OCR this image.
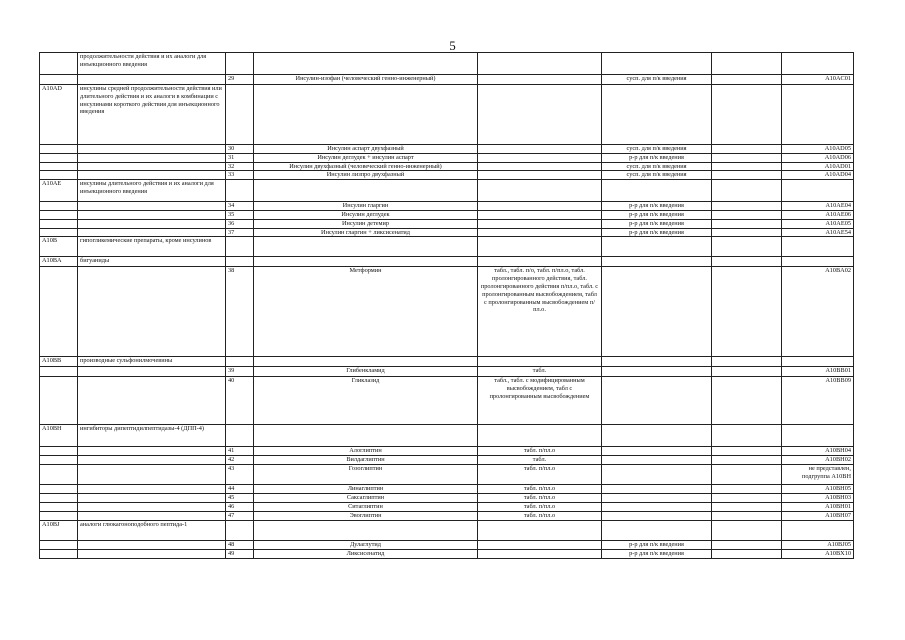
5
	продолжительности действия и их аналоги для инъекционного введения						
		29	Инсулин-изофан (человеческий генно-инженерный)		сусп. для п/к введения		A10AC01
A10AD	инсулины средней продолжительности действия или длительного действия и их аналоги в комбинации с инсулинами короткого действия для инъекционного введения						
		30	Инсулин аспарт двухфазный		сусп. для п/к введения		A10AD05
		31	Инсулин деглудек + инсулин аспарт		р-р для п/к введения		A10AD06
		32	Инсулин двухфазный (человеческий генно-инженерный)		сусп. для п/к введения		A10AD01
		33	Инсулин лизпро двухфазный		сусп. для п/к введения		A10AD04
A10AE	инсулины длительного действия и их аналоги для инъекционного введения						
		34	Инсулин гларгин		р-р для п/к введения		A10AE04
		35	Инсулин деглудек		р-р для п/к введения		A10AE06
		36	Инсулин детемир		р-р для п/к введения		A10AE05
		37	Инсулин гларгин + ликсисенатид		р-р для п/к введения		A10AE54
A10B	гипогликемические препараты, кроме инсулинов						
A10BA	бигуаниды						
		38	Метформин	табл., табл. п/о, табл. п/пл.о, табл. пролонгированного действия, табл. пролонгированного действия п/пл.о, табл. с пролонгированным высвобождением, табл с пролонгированным высвобождением п/пл.о.			A10BA02
A10BB	производные сульфонилмочевины						
		39	Глибенкламид	табл.			A10BB01
		40	Гликлазид	табл., табл. с модифицированным высвобождением, табл с пролонгированным высвобождением			A10BB09
A10BH	ингибиторы дипептидилпептидазы-4 (ДПП-4)						
		41	Алоглиптин	табл. п/пл.о			A10BH04
		42	Вилдаглиптин	табл.			A10BH02
		43	Гозоглиптин	табл. п/пл.о			не представлен, подгруппа A10BH
		44	Линаглиптин	табл. п/пл.о			A10BH05
		45	Саксаглиптин	табл. п/пл.о			A10BH03
		46	Ситаглиптин	табл. п/пл.о			A10BH01
		47	Эвоглиптин	табл. п/пл.о			A10BH07
A10BJ	аналоги глюкагоноподобного пептида-1						
		48	Дулаглутид		р-р для п/к введения		A10BJ05
		49	Ликсисенатид		р-р для п/к введения		A10BX10
